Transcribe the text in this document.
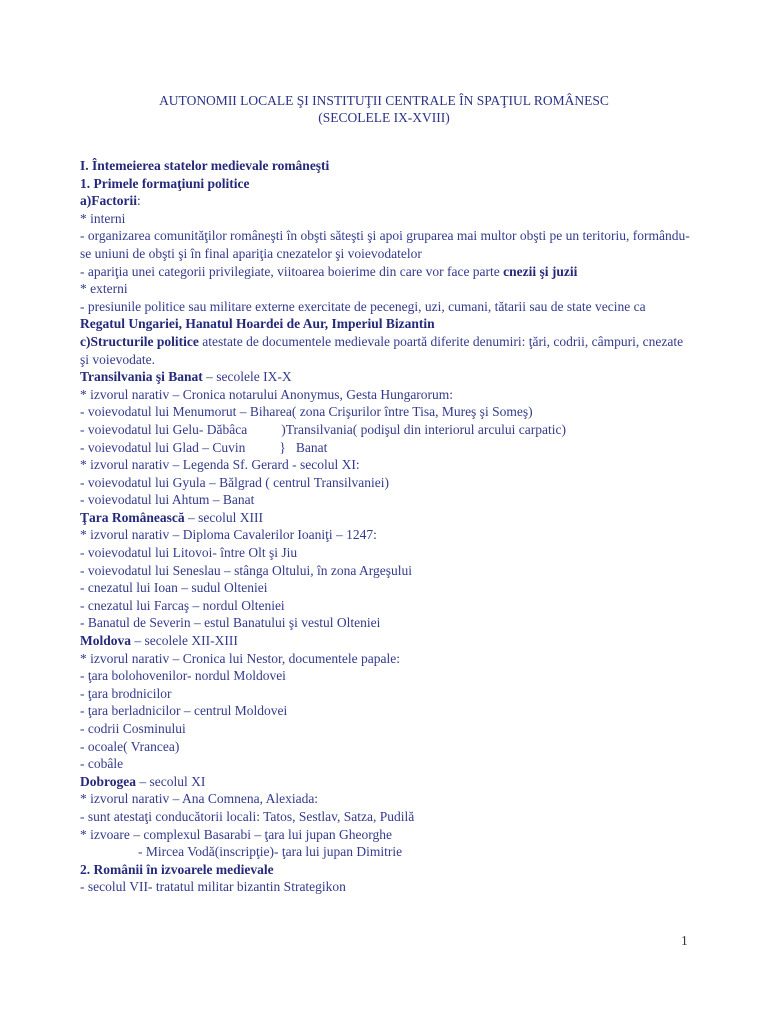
AUTONOMII LOCALE ŞI INSTITUŢII CENTRALE ÎN SPAŢIUL ROMÂNESC
(SECOLELE IX-XVIII)
I. Întemeierea statelor medievale româneşti
1. Primele formaţiuni politice
a)Factorii:
* interni
- organizarea comunităţilor româneşti în obşti săteşti şi apoi gruparea mai multor obşti pe un teritoriu, formându-se uniuni de obşti şi în final apariţia cnezatelor şi voievodatelor
- apariţia unei categorii privilegiate, viitoarea boierime din care vor face parte cnezii şi juzii
* externi
- presiunile politice sau militare externe exercitate de pecenegi, uzi, cumani, tătarii sau de state vecine ca Regatul Ungariei, Hanatul Hoardei de Aur, Imperiul Bizantin
c)Structurile politice atestate de documentele medievale poartă diferite denumiri: ţări, codrii, câmpuri, cnezate şi voievodate.
Transilvania şi Banat – secolele IX-X
* izvorul narativ – Cronica notarului Anonymus, Gesta Hungarorum:
- voievodatul lui Menumorut – Biharea( zona Crişurilor între Tisa, Mureş şi Someş)
- voievodatul lui Gelu- Dăbâca	)Transilvania( podişul din interiorul arcului carpatic)
- voievodatul lui Glad – Cuvin	} Banat
* izvorul narativ – Legenda Sf. Gerard - secolul XI:
- voievodatul lui Gyula – Bălgrad ( centrul Transilvaniei)
- voievodatul lui Ahtum – Banat
Ţara Românească – secolul XIII
* izvorul narativ – Diploma Cavalerilor Ioaniţi – 1247:
- voievodatul lui Litovoi- între Olt şi Jiu
- voievodatul lui Seneslau – stânga Oltului, în zona Argeşului
- cnezatul lui Ioan – sudul Olteniei
- cnezatul lui Farcaş – nordul Olteniei
- Banatul de Severin – estul Banatului şi vestul Olteniei
Moldova – secolele XII-XIII
* izvorul narativ – Cronica lui Nestor, documentele papale:
- ţara bolohovenilor- nordul Moldovei
- ţara brodnicilor
- ţara berladnicilor – centrul Moldovei
- codrii Cosminului
- ocoale( Vrancea)
- cobâle
Dobrogea – secolul XI
* izvorul narativ – Ana Comnena, Alexiada:
- sunt atestaţi conducătorii locali: Tatos, Sestlav, Satza, Pudilă
* izvoare – complexul Basarabi – ţara lui jupan Gheorghe
- Mircea Vodă(inscripţie)- ţara lui jupan Dimitrie
2. Românii în izvoarele medievale
- secolul VII- tratatul militar bizantin Strategikon
1
